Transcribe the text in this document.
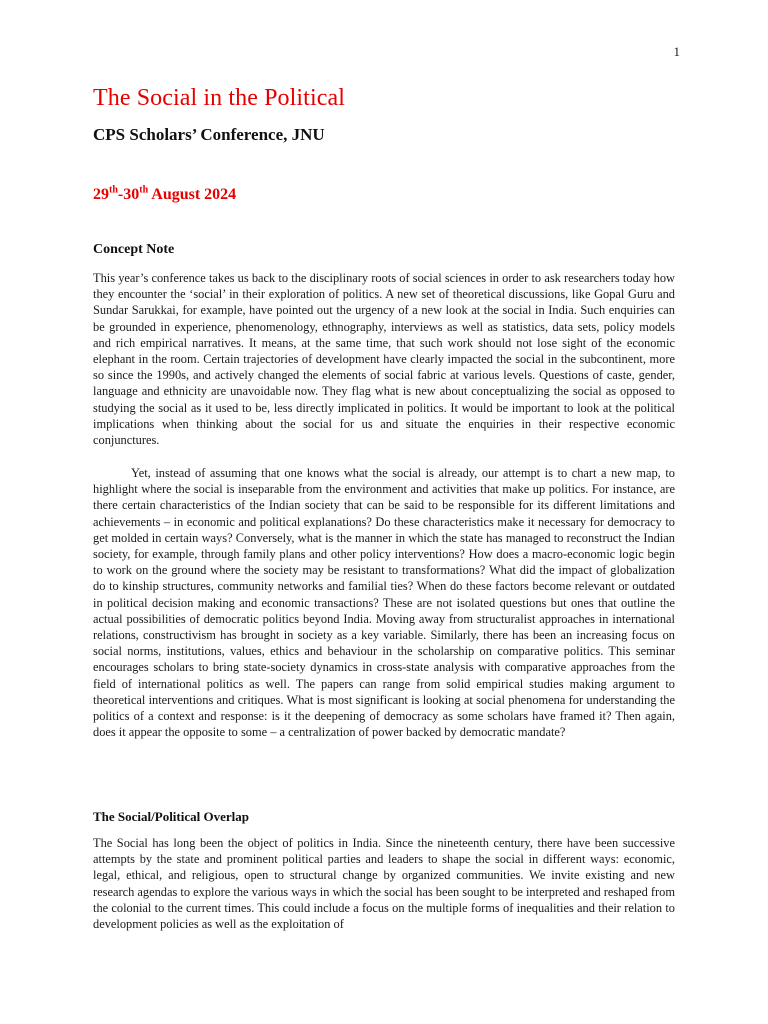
1
The Social in the Political
CPS Scholars’ Conference, JNU
29th-30th August 2024
Concept Note

This year’s conference takes us back to the disciplinary roots of social sciences in order to ask researchers today how they encounter the ‘social’ in their exploration of politics. A new set of theoretical discussions, like Gopal Guru and Sundar Sarukkai, for example, have pointed out the urgency of a new look at the social in India. Such enquiries can be grounded in experience, phenomenology, ethnography, interviews as well as statistics, data sets, policy models and rich empirical narratives. It means, at the same time, that such work should not lose sight of the economic elephant in the room. Certain trajectories of development have clearly impacted the social in the subcontinent, more so since the 1990s, and actively changed the elements of social fabric at various levels. Questions of caste, gender, language and ethnicity are unavoidable now. They flag what is new about conceptualizing the social as opposed to studying the social as it used to be, less directly implicated in politics. It would be important to look at the political implications when thinking about the social for us and situate the enquiries in their respective economic conjunctures.

Yet, instead of assuming that one knows what the social is already, our attempt is to chart a new map, to highlight where the social is inseparable from the environment and activities that make up politics. For instance, are there certain characteristics of the Indian society that can be said to be responsible for its different limitations and achievements – in economic and political explanations? Do these characteristics make it necessary for democracy to get molded in certain ways? Conversely, what is the manner in which the state has managed to reconstruct the Indian society, for example, through family plans and other policy interventions? How does a macro-economic logic begin to work on the ground where the society may be resistant to transformations? What did the impact of globalization do to kinship structures, community networks and familial ties? When do these factors become relevant or outdated in political decision making and economic transactions? These are not isolated questions but ones that outline the actual possibilities of democratic politics beyond India. Moving away from structuralist approaches in international relations, constructivism has brought in society as a key variable. Similarly, there has been an increasing focus on social norms, institutions, values, ethics and behaviour in the scholarship on comparative politics. This seminar encourages scholars to bring state-society dynamics in cross-state analysis with comparative approaches from the field of international politics as well. The papers can range from solid empirical studies making argument to theoretical interventions and critiques. What is most significant is looking at social phenomena for understanding the politics of a context and response: is it the deepening of democracy as some scholars have framed it? Then again, does it appear the opposite to some – a centralization of power backed by democratic mandate?

The Social/Political Overlap

The Social has long been the object of politics in India. Since the nineteenth century, there have been successive attempts by the state and prominent political parties and leaders to shape the social in different ways: economic, legal, ethical, and religious, open to structural change by organized communities. We invite existing and new research agendas to explore the various ways in which the social has been sought to be interpreted and reshaped from the colonial to the current times. This could include a focus on the multiple forms of inequalities and their relation to development policies as well as the exploitation of
